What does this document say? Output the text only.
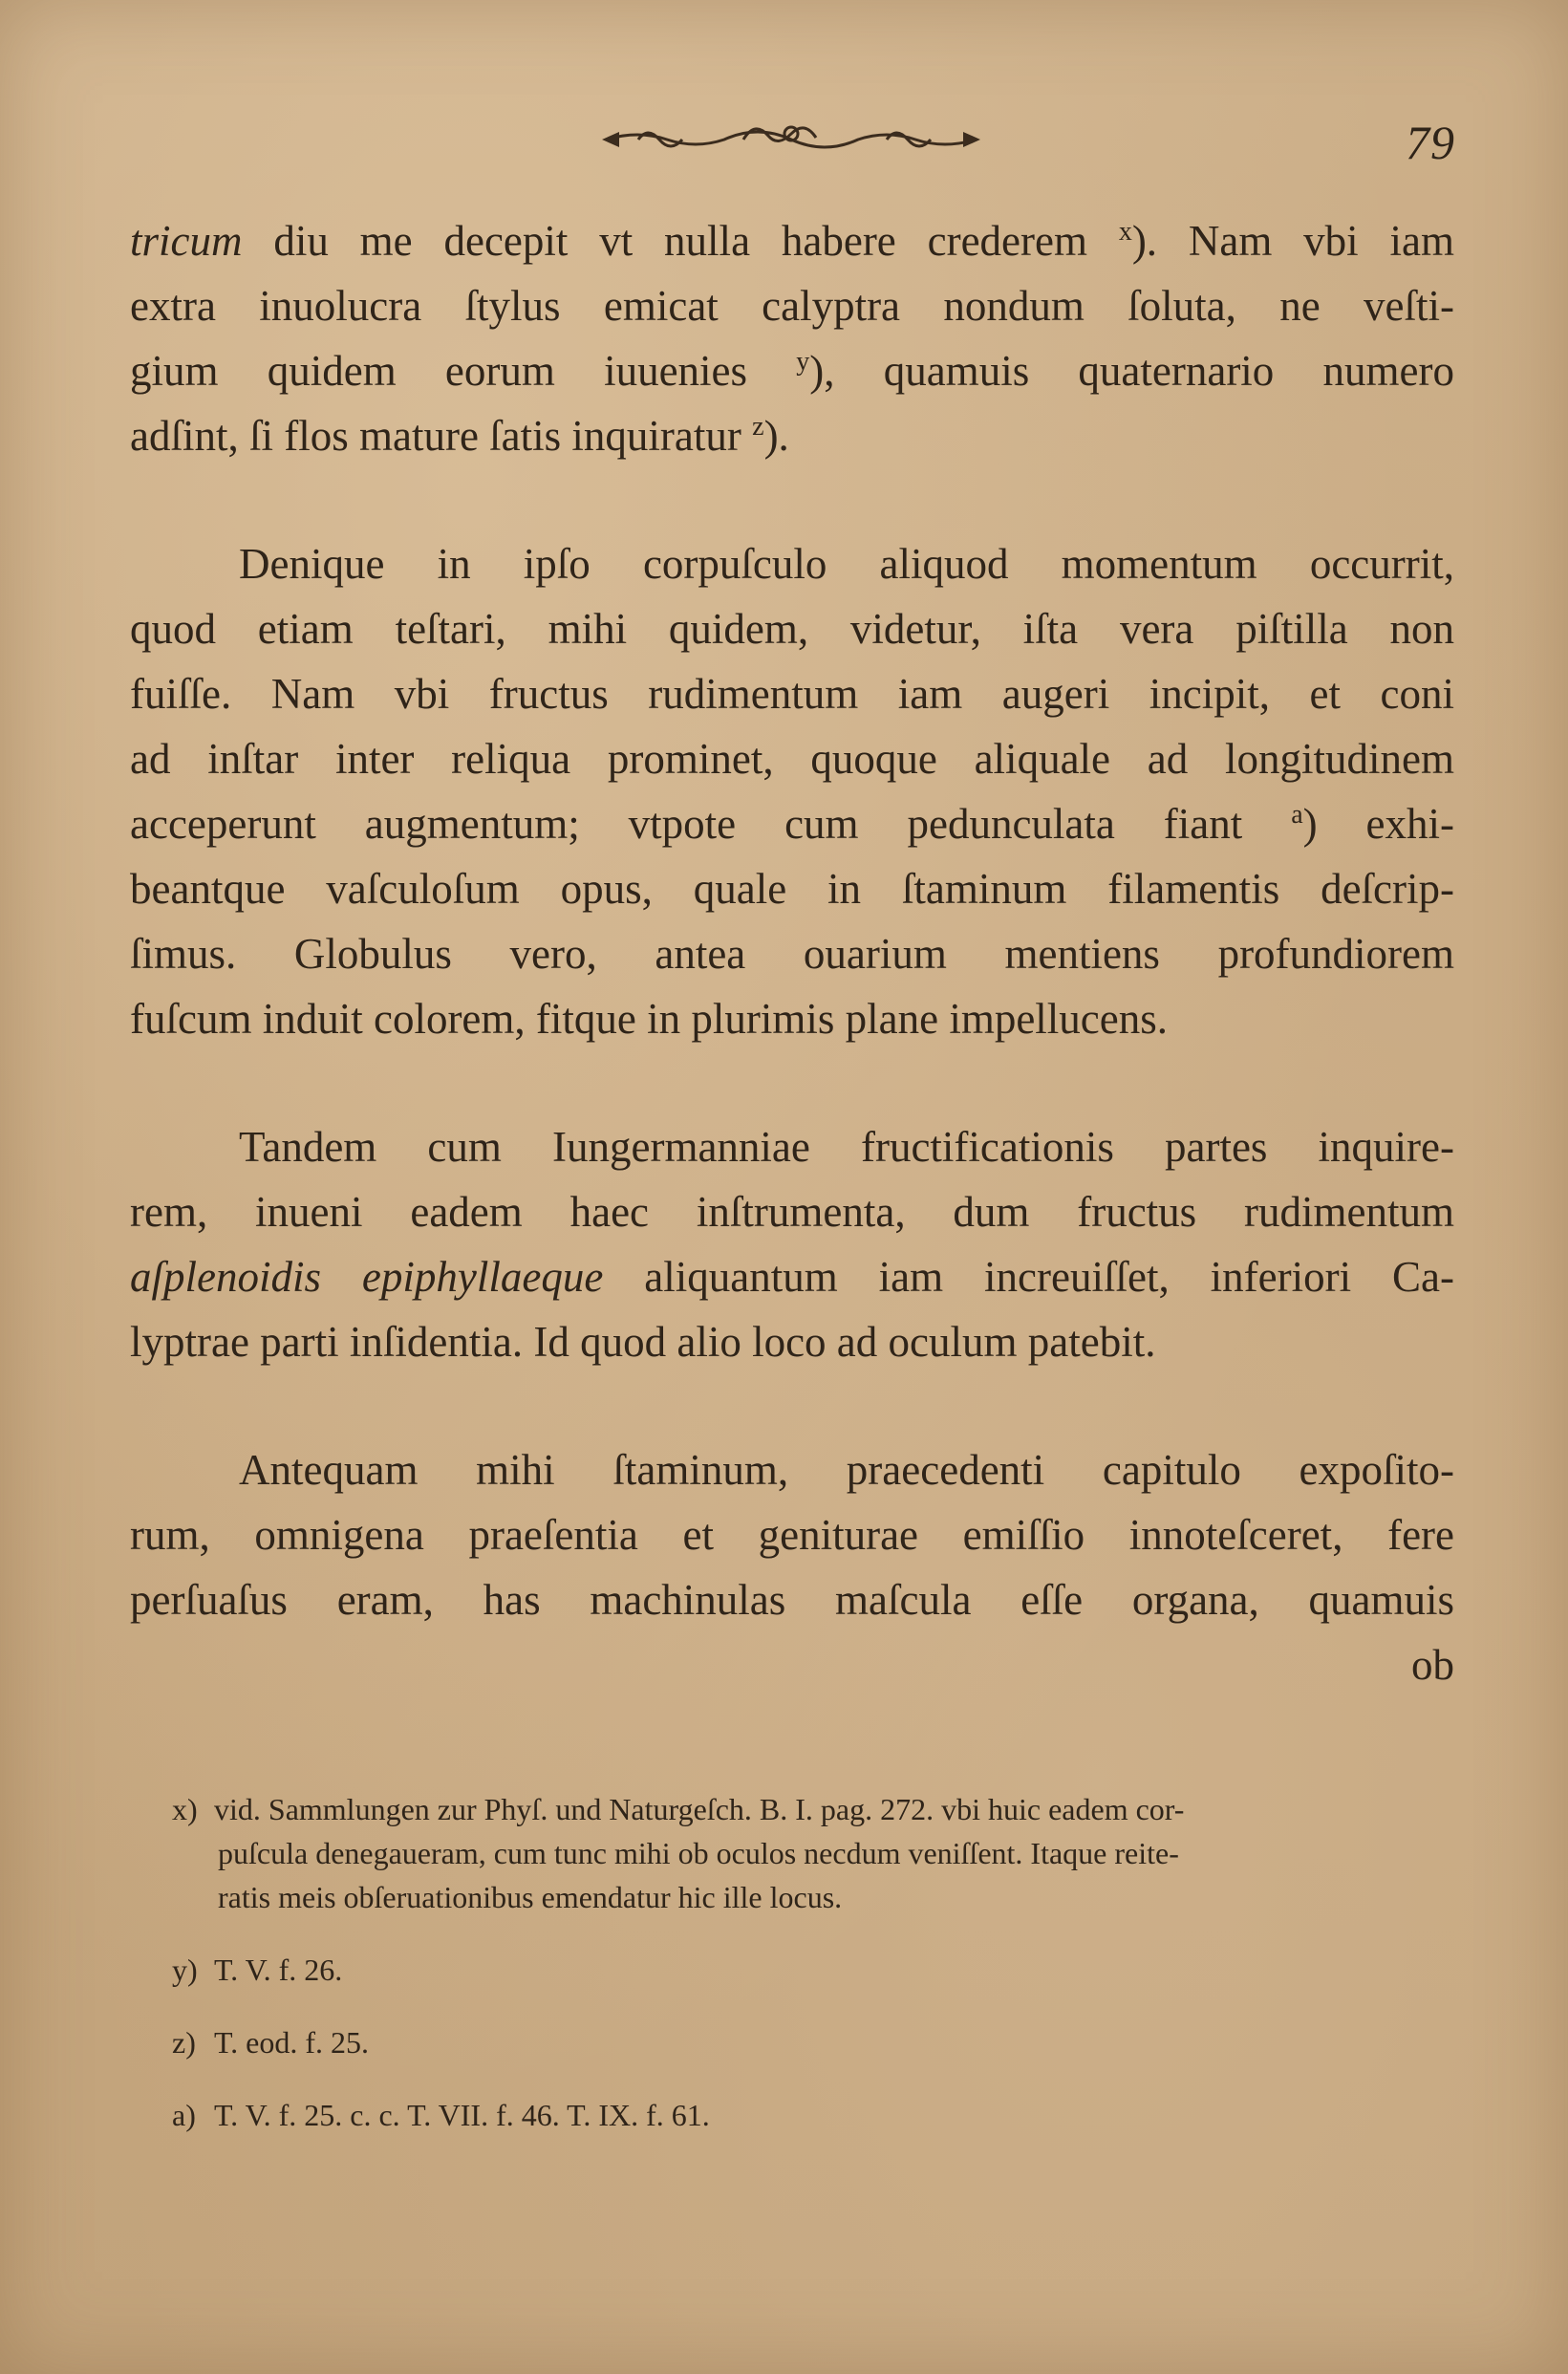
79

tricum diu me decepit vt nulla habere crederem $^x$). Nam vbi iam

extra inuolucra ſtylus emicat calyptra nondum ſoluta, ne veſti-

gium quidem eorum iuuenies $^y$), quamuis quaternario numero

adſint, ſi flos mature ſatis inquiratur $^z$).

Denique in ipſo corpuſculo aliquod momentum occurrit,

quod etiam teſtari, mihi quidem, videtur, iſta vera piſtilla non

fuiſſe. Nam vbi fructus rudimentum iam augeri incipit, et coni

ad inſtar inter reliqua prominet, quoque aliquale ad longitudinem

acceperunt augmentum; vtpote cum pedunculata fiant $^a$) exhi-

beantque vaſculoſum opus, quale in ſtaminum filamentis deſcrip-

ſimus. Globulus vero, antea ouarium mentiens profundiorem

fuſcum induit colorem, fitque in plurimis plane impellucens.

Tandem cum Iungermanniae fructificationis partes inquire-

rem, inueni eadem haec inſtrumenta, dum fructus rudimentum

aſplenoidis epiphyllaeque aliquantum iam increuiſſet, inferiori Ca-

lyptrae parti inſidentia. Id quod alio loco ad oculum patebit.

Antequam mihi ſtaminum, praecedenti capitulo expoſito-

rum, omnigena praeſentia et geniturae emiſſio innoteſceret, fere

perſuaſus eram, has machinulas maſcula eſſe organa, quamuis

ob

x) vid. Sammlungen zur Phyſ. und Naturgeſch. B. I. pag. 272. vbi huic eadem cor-
puſcula denegaueram, cum tunc mihi ob oculos necdum veniſſent. Itaque reite-
ratis meis obſeruationibus emendatur hic ille locus.

y) T. V. f. 26.

z) T. eod. f. 25.

a) T. V. f. 25. c. c. T. VII. f. 46. T. IX. f. 61.
